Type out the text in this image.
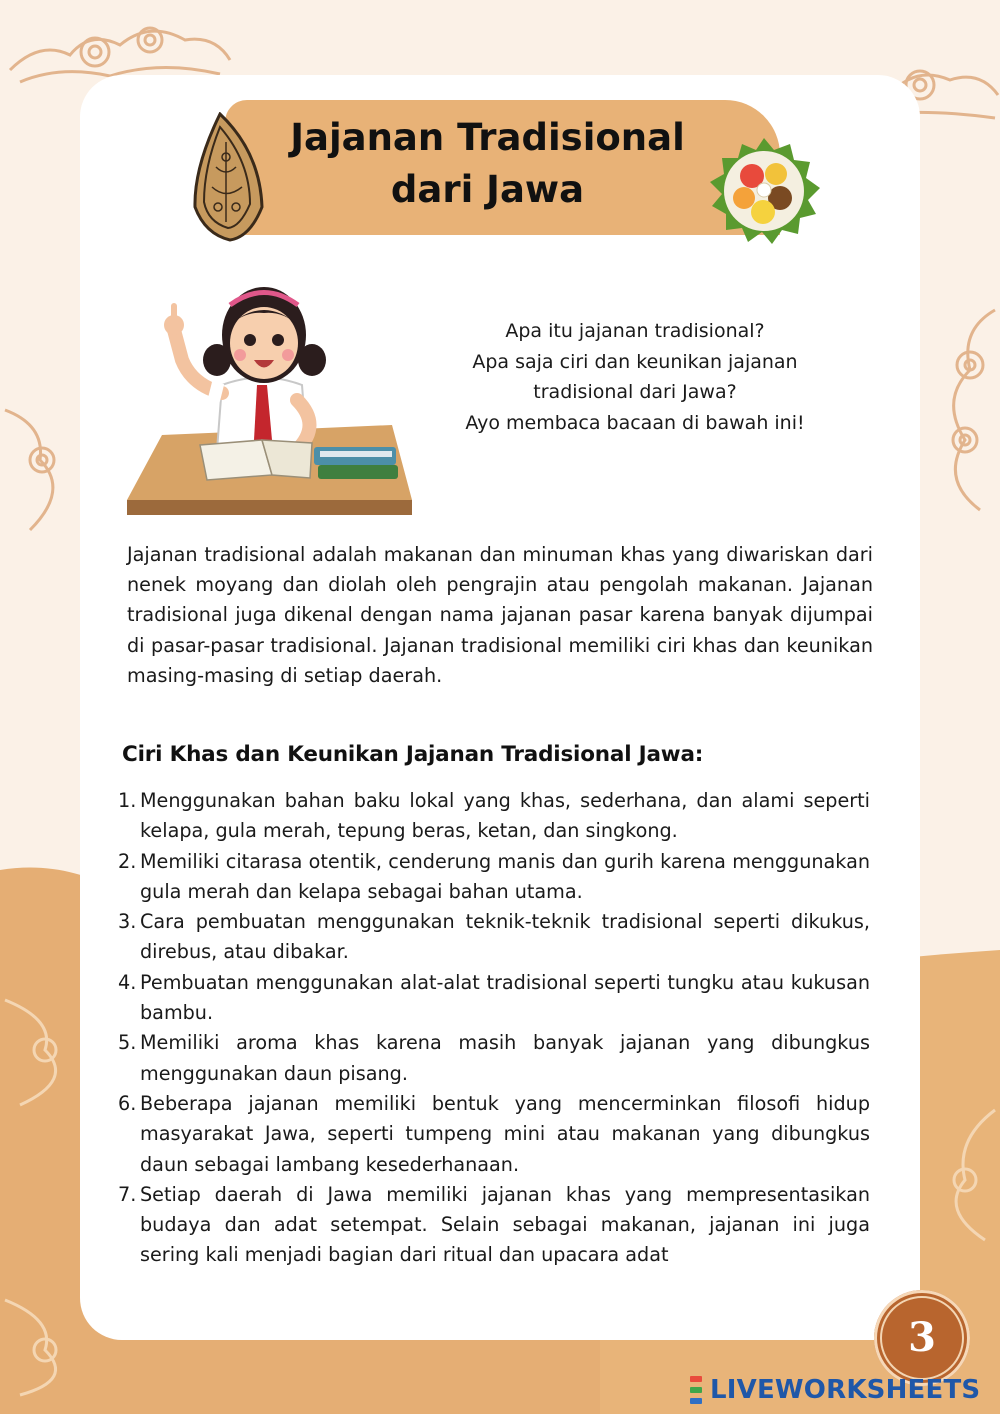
Jajanan Tradisional
dari Jawa
Apa itu jajanan tradisional?
Apa saja ciri dan keunikan jajanan
tradisional dari Jawa?
Ayo membaca bacaan di bawah ini!

Jajanan tradisional adalah makanan dan minuman khas yang diwariskan dari nenek moyang dan diolah oleh pengrajin atau pengolah makanan. Jajanan tradisional juga dikenal dengan nama jajanan pasar karena banyak dijumpai di pasar-pasar tradisional. Jajanan tradisional memiliki ciri khas dan keunikan masing-masing di setiap daerah.

Ciri Khas dan Keunikan Jajanan Tradisional Jawa:
1. Menggunakan bahan baku lokal yang khas, sederhana, dan alami seperti kelapa, gula merah, tepung beras, ketan, dan singkong.
2. Memiliki citarasa otentik, cenderung manis dan gurih karena menggunakan gula merah dan kelapa sebagai bahan utama.
3. Cara pembuatan menggunakan teknik-teknik tradisional seperti dikukus, direbus, atau dibakar.
4. Pembuatan menggunakan alat-alat tradisional seperti tungku atau kukusan bambu.
5. Memiliki aroma khas karena masih banyak jajanan yang dibungkus menggunakan daun pisang.
6. Beberapa jajanan memiliki bentuk yang mencerminkan filosofi hidup masyarakat Jawa, seperti tumpeng mini atau makanan yang dibungkus daun sebagai lambang kesederhanaan.
7. Setiap daerah di Jawa memiliki jajanan khas yang mempresentasikan budaya dan adat setempat. Selain sebagai makanan, jajanan ini juga sering kali menjadi bagian dari ritual dan upacara adat
3
LIVEWORKSHEETS
